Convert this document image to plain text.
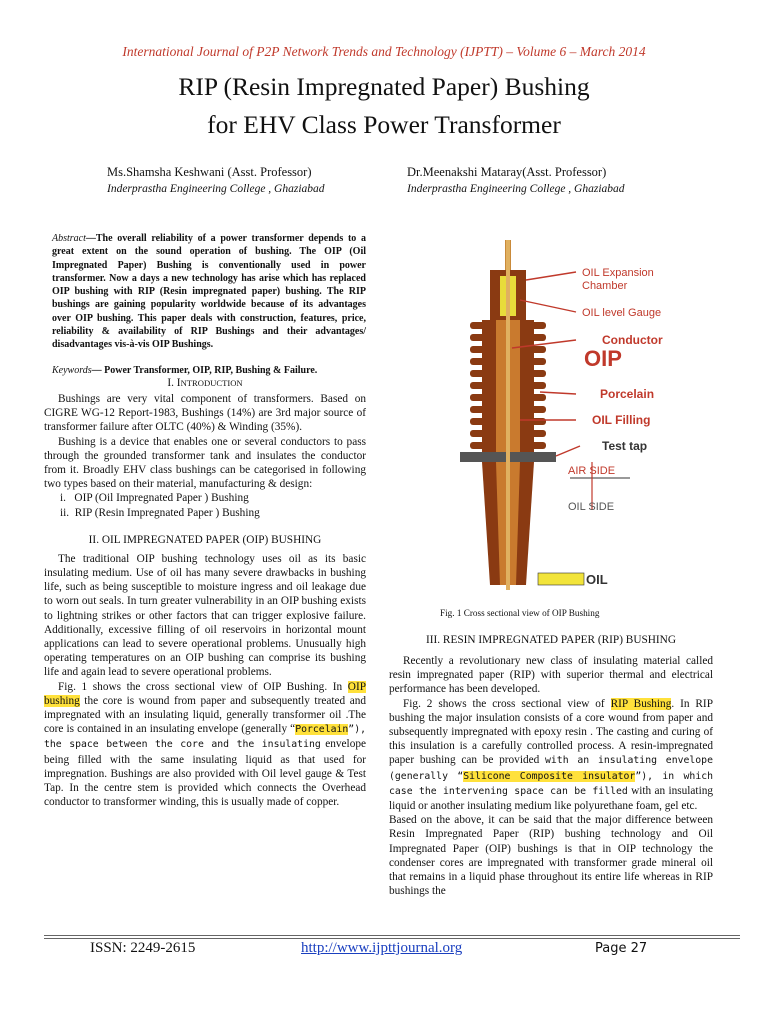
International Journal of P2P Network Trends and Technology (IJPTT) – Volume 6 – March 2014
RIP (Resin Impregnated Paper) Bushing
for EHV Class Power Transformer
Ms.Shamsha Keshwani (Asst. Professor)
Inderprastha Engineering College , Ghaziabad
Dr.Meenakshi Mataray(Asst. Professor)
Inderprastha Engineering College , Ghaziabad
Abstract—The overall reliability of a power transformer depends to a great extent on the sound operation of bushing. The OIP (Oil Impregnated Paper) Bushing is conventionally used in power transformer. Now a days a new technology has arise which has replaced OIP bushing with RIP (Resin impregnated paper) bushing. The RIP bushings are gaining popularity worldwide because of its advantages over OIP bushing. This paper deals with construction, features, price, reliability & availability of RIP Bushings and their advantages/ disadvantages vis-à-vis OIP Bushings.
Keywords— Power Transformer, OIP, RIP, Bushing & Failure.
I. INTRODUCTION

Bushings are very vital component of transformers. Based on CIGRE WG-12 Report-1983, Bushings (14%) are 3rd major source of transformer failure after OLTC (40%) & Winding (35%).

Bushing is a device that enables one or several conductors to pass through the grounded transformer tank and insulates the conductor from it. Broadly EHV class bushings can be categorised in following two types based on their material, manufacturing & design:

i.   OIP (Oil Impregnated Paper ) Bushing

ii.  RIP (Resin Impregnated Paper ) Bushing

II. OIL IMPREGNATED PAPER (OIP) BUSHING

The traditional OIP bushing technology uses oil as its basic insulating medium. Use of oil has many severe drawbacks in bushing life, such as being susceptible to moisture ingress and oil leakage due to worn out seals. In turn greater vulnerability in an OIP bushing exists to lightning strikes or other factors that can trigger explosive failure. Additionally, excessive filling of oil reservoirs in horizontal mount applications can lead to severe operational problems. Unusually high operating temperatures on an OIP bushing can comprise its bushing life and again lead to severe operational problems.

Fig. 1 shows the cross sectional view of OIP Bushing. In OIP bushing the core is wound from paper and subsequently treated and impregnated with an insulating liquid, generally transformer oil .The core is contained in an insulating envelope (generally “Porcelain”), the space between the core and the insulating envelope being filled with the same insulating liquid as that used for impregnation. Bushings are also provided with Oil level gauge & Test Tap. In the centre stem is provided which connects the Overhead conductor to transformer winding, this is usually made of copper.

OIL Expansion
Chamber
OIL level Gauge
Conductor
OIP
Porcelain
OIL Filling
Test tap
AIR SIDE
OIL SIDE
OIL
Fig. 1 Cross sectional view of OIP Bushing
III. RESIN IMPREGNATED PAPER (RIP) BUSHING

Recently a revolutionary new class of insulating material called resin impregnated paper (RIP) with superior thermal and electrical performance has been developed.

Fig. 2 shows the cross sectional view of RIP Bushing. In RIP bushing the major insulation consists of a core wound from paper and subsequently impregnated with epoxy resin . The casting and curing of this insulation is a carefully controlled process. A resin-impregnated paper bushing can be provided with an insulating envelope (generally “Silicone Composite insulator”), in which case the intervening space can be filled with an insulating liquid or another insulating medium like polyurethane foam, gel etc.

Based on the above, it can be said that the major difference between Resin Impregnated Paper (RIP) bushing technology and Oil Impregnated Paper (OIP) bushings is that in OIP technology the condenser cores are impregnated with transformer grade mineral oil that remains in a liquid phase throughout its entire life whereas in RIP bushings the

ISSN: 2249-2615	http://www.ijpttjournal.org	Page 27
